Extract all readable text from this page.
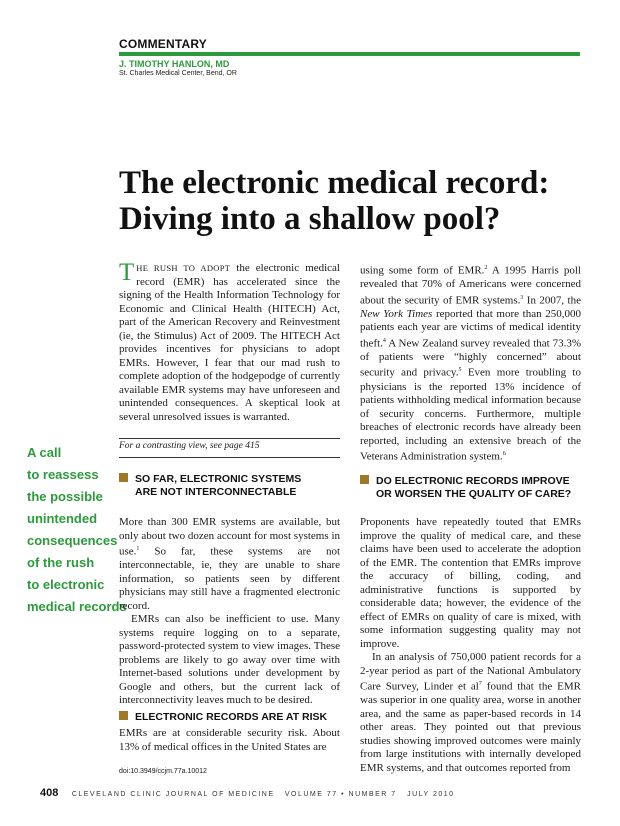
COMMENTARY
J. TIMOTHY HANLON, MD
St. Charles Medical Center, Bend, OR
The electronic medical record:
Diving into a shallow pool?
A call
to reassess
the possible
unintended
consequences
of the rush
to electronic
medical records

THE RUSH TO ADOPT the electronic medical record (EMR) has accelerated since the signing of the Health Information Technology for Economic and Clinical Health (HITECH) Act, part of the American Recovery and Reinvestment (ie, the Stimulus) Act of 2009. The HITECH Act provides incentives for physicians to adopt EMRs. However, I fear that our mad rush to complete adoption of the hodgepodge of currently available EMR systems may have unforeseen and unintended consequences. A skeptical look at several unresolved issues is warranted.

For a contrasting view, see page 415
SO FAR, ELECTRONIC SYSTEMS
ARE NOT INTERCONNECTABLE

More than 300 EMR systems are available, but only about two dozen account for most systems in use.$^1$ So far, these systems are not interconnectable, ie, they are unable to share information, so patients seen by different physicians may still have a fragmented electronic record.

EMRs can also be inefficient to use. Many systems require logging on to a separate, password-protected system to view images. These problems are likely to go away over time with Internet-based solutions under development by Google and others, but the current lack of interconnectivity leaves much to be desired.

ELECTRONIC RECORDS ARE AT RISK

EMRs are at considerable security risk. About 13% of medical offices in the United States are

using some form of EMR.$^2$ A 1995 Harris poll revealed that 70% of Americans were concerned about the security of EMR systems.$^3$ In 2007, the New York Times reported that more than 250,000 patients each year are victims of medical identity theft.$^4$ A New Zealand survey revealed that 73.3% of patients were “highly concerned” about security and privacy.$^5$ Even more troubling to physicians is the reported 13% incidence of patients withholding medical information because of security concerns. Furthermore, multiple breaches of electronic records have already been reported, including an extensive breach of the Veterans Administration system.$^6$

DO ELECTRONIC RECORDS IMPROVE
OR WORSEN THE QUALITY OF CARE?

Proponents have repeatedly touted that EMRs improve the quality of medical care, and these claims have been used to accelerate the adoption of the EMR. The contention that EMRs improve the accuracy of billing, coding, and administrative functions is supported by considerable data; however, the evidence of the effect of EMRs on quality of care is mixed, with some information suggesting quality may not improve.

In an analysis of 750,000 patient records for a 2-year period as part of the National Ambulatory Care Survey, Linder et $al^7$ found that the EMR was superior in one quality area, worse in another area, and the same as paper-based records in 14 other areas. They pointed out that previous studies showing improved outcomes were mainly from large institutions with internally developed EMR systems, and that outcomes reported from

doi:10.3949/ccjm.77a.10012
408 CLEVELAND CLINIC JOURNAL OF MEDICINE VOLUME 77 • NUMBER 7 JULY 2010
